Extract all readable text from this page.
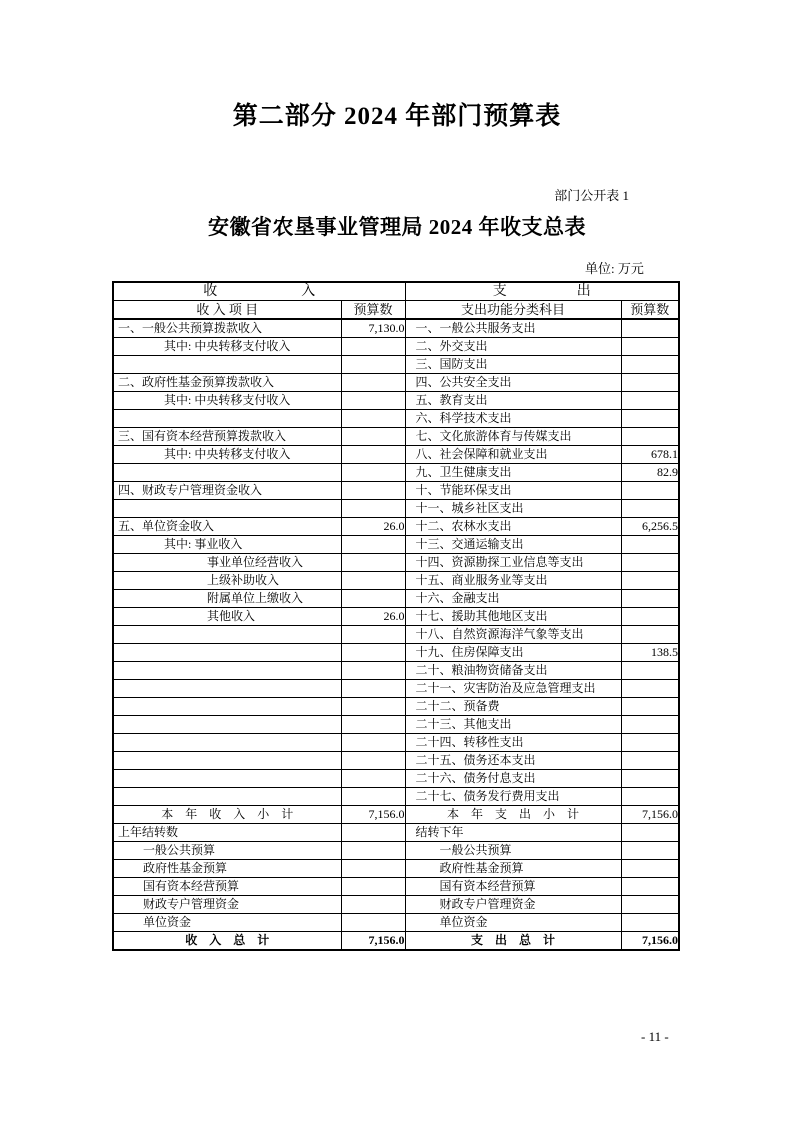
第二部分 2024 年部门预算表
部门公开表 1
安徽省农垦事业管理局 2024 年收支总表
单位: 万元
收　　　　　　入		支　　　　　出	
收 入 项 目	预算数	支出功能分类科目	预算数
一、一般公共预算拨款收入	7,130.0	一、一般公共服务支出	
其中: 中央转移支付收入		二、外交支出	
		三、国防支出	
二、政府性基金预算拨款收入		四、公共安全支出	
其中: 中央转移支付收入		五、教育支出	
		六、科学技术支出	
三、国有资本经营预算拨款收入		七、文化旅游体育与传媒支出	
其中: 中央转移支付收入		八、社会保障和就业支出	678.1
		九、卫生健康支出	82.9
四、财政专户管理资金收入		十、节能环保支出	
		十一、城乡社区支出	
五、单位资金收入	26.0	十二、农林水支出	6,256.5
其中: 事业收入		十三、交通运输支出	
事业单位经营收入		十四、资源勘探工业信息等支出	
上级补助收入		十五、商业服务业等支出	
附属单位上缴收入		十六、金融支出	
其他收入	26.0	十七、援助其他地区支出	
		十八、自然资源海洋气象等支出	
		十九、住房保障支出	138.5
		二十、粮油物资储备支出	
		二十一、灾害防治及应急管理支出	
		二十二、预备费	
		二十三、其他支出	
		二十四、转移性支出	
		二十五、债务还本支出	
		二十六、债务付息支出	
		二十七、债务发行费用支出	
本　年　收　入　小　计	7,156.0	本　年　支　出　小　计	7,156.0
上年结转数		结转下年	
一般公共预算		一般公共预算	
政府性基金预算		政府性基金预算	
国有资本经营预算		国有资本经营预算	
财政专户管理资金		财政专户管理资金	
单位资金		单位资金	
收　入　总　计	7,156.0	支　出　总　计	7,156.0
- 11 -
